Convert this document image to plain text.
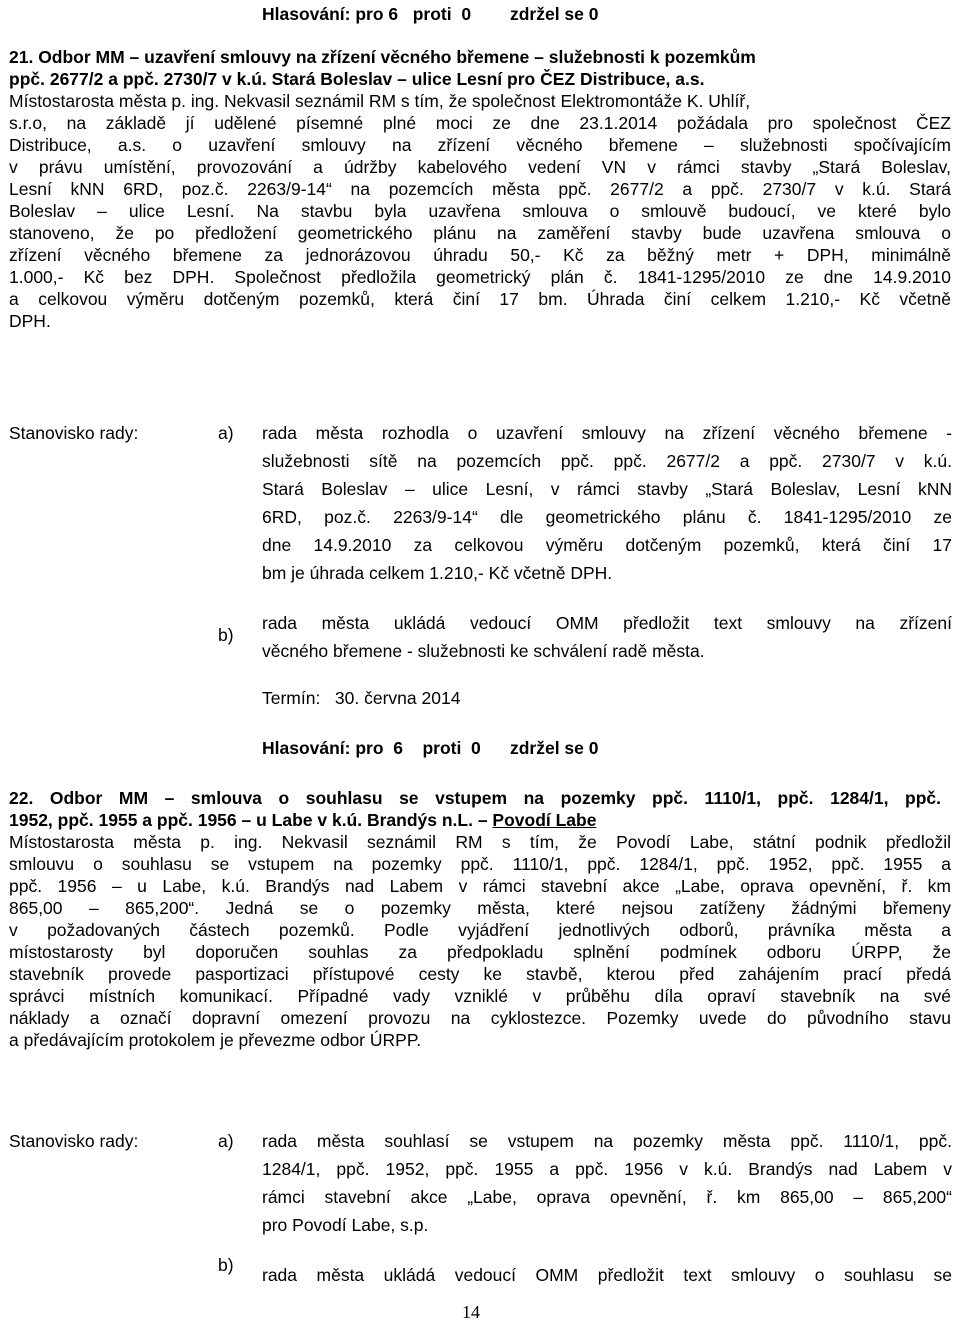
Hlasování: pro 6   proti  0        zdržel se 0
21. Odbor MM – uzavření smlouvy na zřízení věcného břemene – služebnosti k pozemkům
ppč. 2677/2 a ppč. 2730/7 v k.ú. Stará Boleslav – ulice Lesní pro ČEZ Distribuce, a.s.
Místostarosta města p. ing. Nekvasil seznámil RM s tím, že společnost Elektromontáže K. Uhlíř,
s.r.o, na základě jí udělené písemné plné moci ze dne 23.1.2014 požádala pro společnost ČEZ
Distribuce, a.s. o uzavření smlouvy na zřízení věcného břemene – služebnosti spočívajícím
v právu umístění, provozování a údržby kabelového vedení VN v rámci stavby „Stará Boleslav,
Lesní kNN 6RD, poz.č. 2263/9-14“ na pozemcích města ppč. 2677/2 a ppč. 2730/7 v k.ú. Stará
Boleslav – ulice Lesní. Na stavbu byla uzavřena smlouva o smlouvě budoucí, ve které bylo
stanoveno, že po předložení geometrického plánu na zaměření stavby bude uzavřena smlouva o
zřízení věcného břemene za jednorázovou úhradu 50,- Kč za běžný metr + DPH, minimálně
1.000,- Kč bez DPH. Společnost předložila geometrický plán č. 1841-1295/2010 ze dne 14.9.2010
a celkovou výměru dotčeným pozemků, která činí 17 bm. Úhrada činí celkem 1.210,- Kč včetně
DPH.
Stanovisko rady:	a) rada města rozhodla o uzavření smlouvy na zřízení věcného břemene -
služebnosti sítě na pozemcích ppč. ppč. 2677/2 a ppč. 2730/7 v k.ú.
Stará Boleslav – ulice Lesní, v rámci stavby „Stará Boleslav, Lesní kNN
6RD, poz.č. 2263/9-14“ dle geometrického plánu č. 1841-1295/2010 ze
dne 14.9.2010 za celkovou výměru dotčeným pozemků, která činí 17
bm je úhrada celkem 1.210,- Kč včetně DPH.
b)
rada města ukládá vedoucí OMM předložit text smlouvy na zřízení
věcného břemene - služebnosti ke schválení radě města.
Termín:   30. června 2014
Hlasování: pro  6    proti  0      zdržel se 0
22. Odbor MM – smlouva o souhlasu se vstupem na pozemky ppč. 1110/1, ppč. 1284/1, ppč.
1952, ppč. 1955 a ppč. 1956 – u Labe v k.ú. Brandýs n.L. – Povodí Labe
Místostarosta města p. ing. Nekvasil seznámil RM s tím, že Povodí Labe, státní podnik předložil
smlouvu o souhlasu se vstupem na pozemky ppč. 1110/1, ppč. 1284/1, ppč. 1952, ppč. 1955 a
ppč. 1956 – u Labe, k.ú. Brandýs nad Labem v rámci stavební akce „Labe, oprava opevnění, ř. km
865,00 – 865,200“. Jedná se o pozemky města, které nejsou zatíženy žádnými břemeny
v požadovaných částech pozemků. Podle vyjádření jednotlivých odborů, právníka města a
místostarosty byl doporučen souhlas za předpokladu splnění podmínek odboru ÚRPP, že
stavebník provede pasportizaci přístupové cesty ke stavbě, kterou před zahájením prací předá
správci místních komunikací. Případné vady vzniklé v průběhu díla opraví stavebník na své
náklady a označí dopravní omezení provozu na cyklostezce. Pozemky uvede do původního stavu
a předávajícím protokolem je převezme odbor ÚRPP.
Stanovisko rady:	a) rada města souhlasí se vstupem na pozemky města ppč. 1110/1, ppč.
1284/1, ppč. 1952, ppč. 1955 a ppč. 1956 v k.ú. Brandýs nad Labem v
rámci stavební akce „Labe, oprava opevnění, ř. km 865,00 – 865,200“
pro Povodí Labe, s.p.
b) rada města ukládá vedoucí OMM předložit text smlouvy o souhlasu se
14
